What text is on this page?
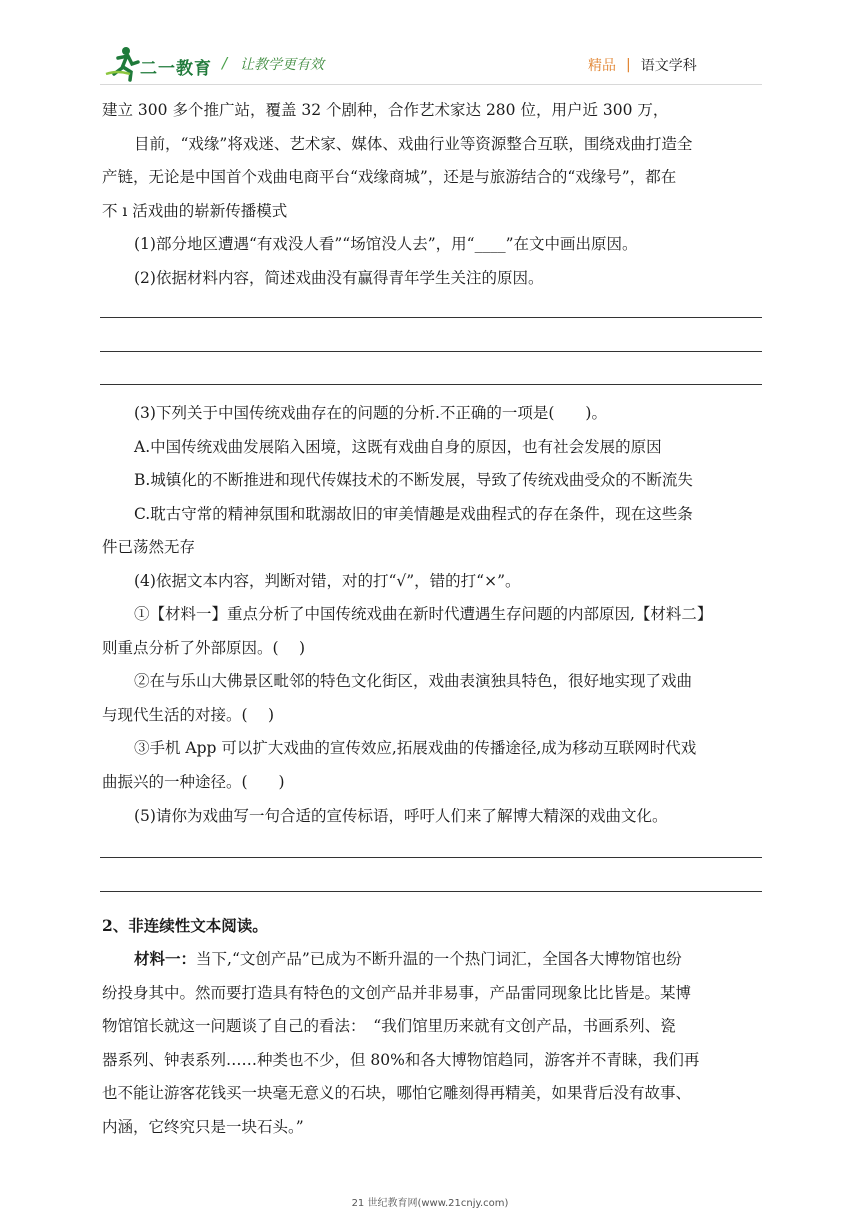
二一教育 / 让教学更有效	精品 | 语文学科
建立 300 多个推广站，覆盖 32 个剧种，合作艺术家达 280 位，用户近 300 万，
目前，“戏缘”将戏迷、艺术家、媒体、戏曲行业等资源整合互联，围绕戏曲打造全
产链，无论是中国首个戏曲电商平台“戏缘商城”，还是与旅游结合的“戏缘号”，都在
不 ı 活戏曲的崭新传播模式
(1)部分地区遭遇“有戏没人看”“场馆没人去”，用“____”在文中画出原因。
(2)依据材料内容，简述戏曲没有赢得青年学生关注的原因。
(3)下列关于中国传统戏曲存在的问题的分析.不正确的一项是(　　)。
A.中国传统戏曲发展陷入困境，这既有戏曲自身的原因，也有社会发展的原因
B.城镇化的不断推进和现代传媒技术的不断发展，导致了传统戏曲受众的不断流失
C.耽古守常的精神氛围和耽溺故旧的审美情趣是戏曲程式的存在条件，现在这些条
件已荡然无存
(4)依据文本内容，判断对错，对的打“√”，错的打“×”。
①【材料一】重点分析了中国传统戏曲在新时代遭遇生存问题的内部原因,【材料二】
则重点分析了外部原因。(　 )
②在与乐山大佛景区毗邻的特色文化街区，戏曲表演独具特色，很好地实现了戏曲
与现代生活的对接。(　 )
③手机 App 可以扩大戏曲的宣传效应,拓展戏曲的传播途径,成为移动互联网时代戏
曲振兴的一种途径。(　　)
(5)请你为戏曲写一句合适的宣传标语，呼吁人们来了解博大精深的戏曲文化。
2、非连续性文本阅读。
材料一：当下,“文创产品”已成为不断升温的一个热门词汇，全国各大博物馆也纷
纷投身其中。然而要打造具有特色的文创产品并非易事，产品雷同现象比比皆是。某博
物馆馆长就这一问题谈了自己的看法：　“我们馆里历来就有文创产品，书画系列、瓷
器系列、钟表系列……种类也不少，但 80%和各大博物馆趋同，游客并不青睐，我们再
也不能让游客花钱买一块毫无意义的石块，哪怕它雕刻得再精美，如果背后没有故事、
内涵，它终究只是一块石头。”
21 世纪教育网(www.21cnjy.com)
